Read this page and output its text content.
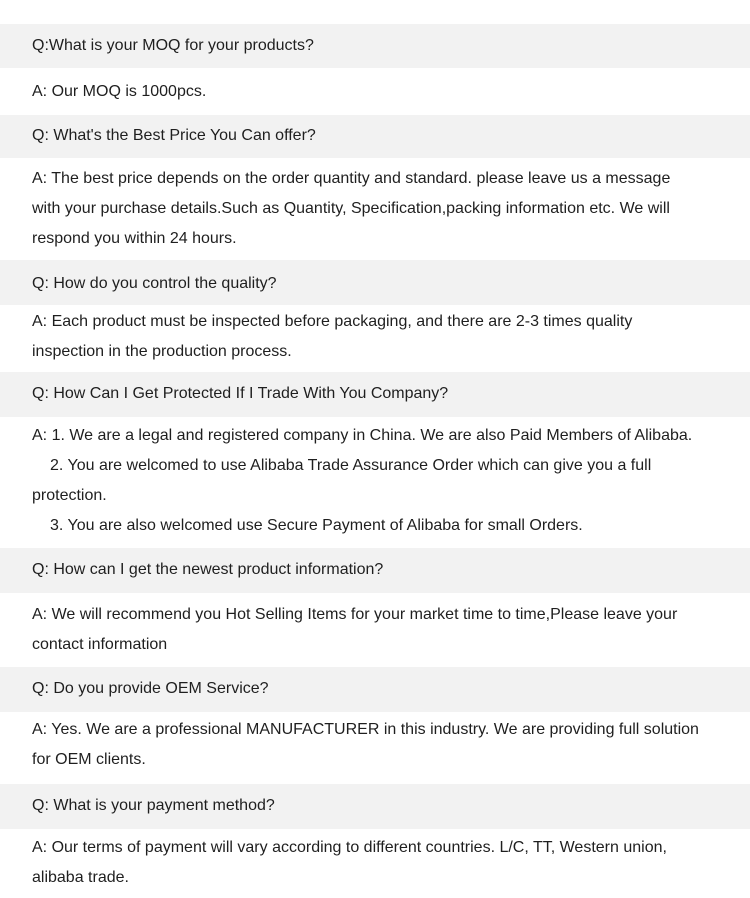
Q:What is your MOQ for your products?
A: Our MOQ is 1000pcs.
Q: What's the Best Price You Can offer?
A: The best price depends on the order quantity and standard. please leave us a message
with your purchase details.Such as Quantity, Specification,packing information etc. We will
respond you within 24 hours.
Q: How do you control the quality?
A: Each product must be inspected before packaging, and there are 2-3 times quality
inspection in the production process.
Q: How Can I Get Protected If I Trade With You Company?
A: 1. We are a legal and registered company in China. We are also Paid Members of Alibaba.
2. You are welcomed to use Alibaba Trade Assurance Order which can give you a full
protection.
3. You are also welcomed use Secure Payment of Alibaba for small Orders.
Q: How can I get the newest product information?
A: We will recommend you Hot Selling Items for your market time to time,Please leave your
contact information
Q: Do you provide OEM Service?
A: Yes. We are a professional MANUFACTURER in this industry. We are providing full solution
for OEM clients.
Q: What is your payment method?
A: Our terms of payment will vary according to different countries. L/C, TT, Western union,
alibaba trade.
